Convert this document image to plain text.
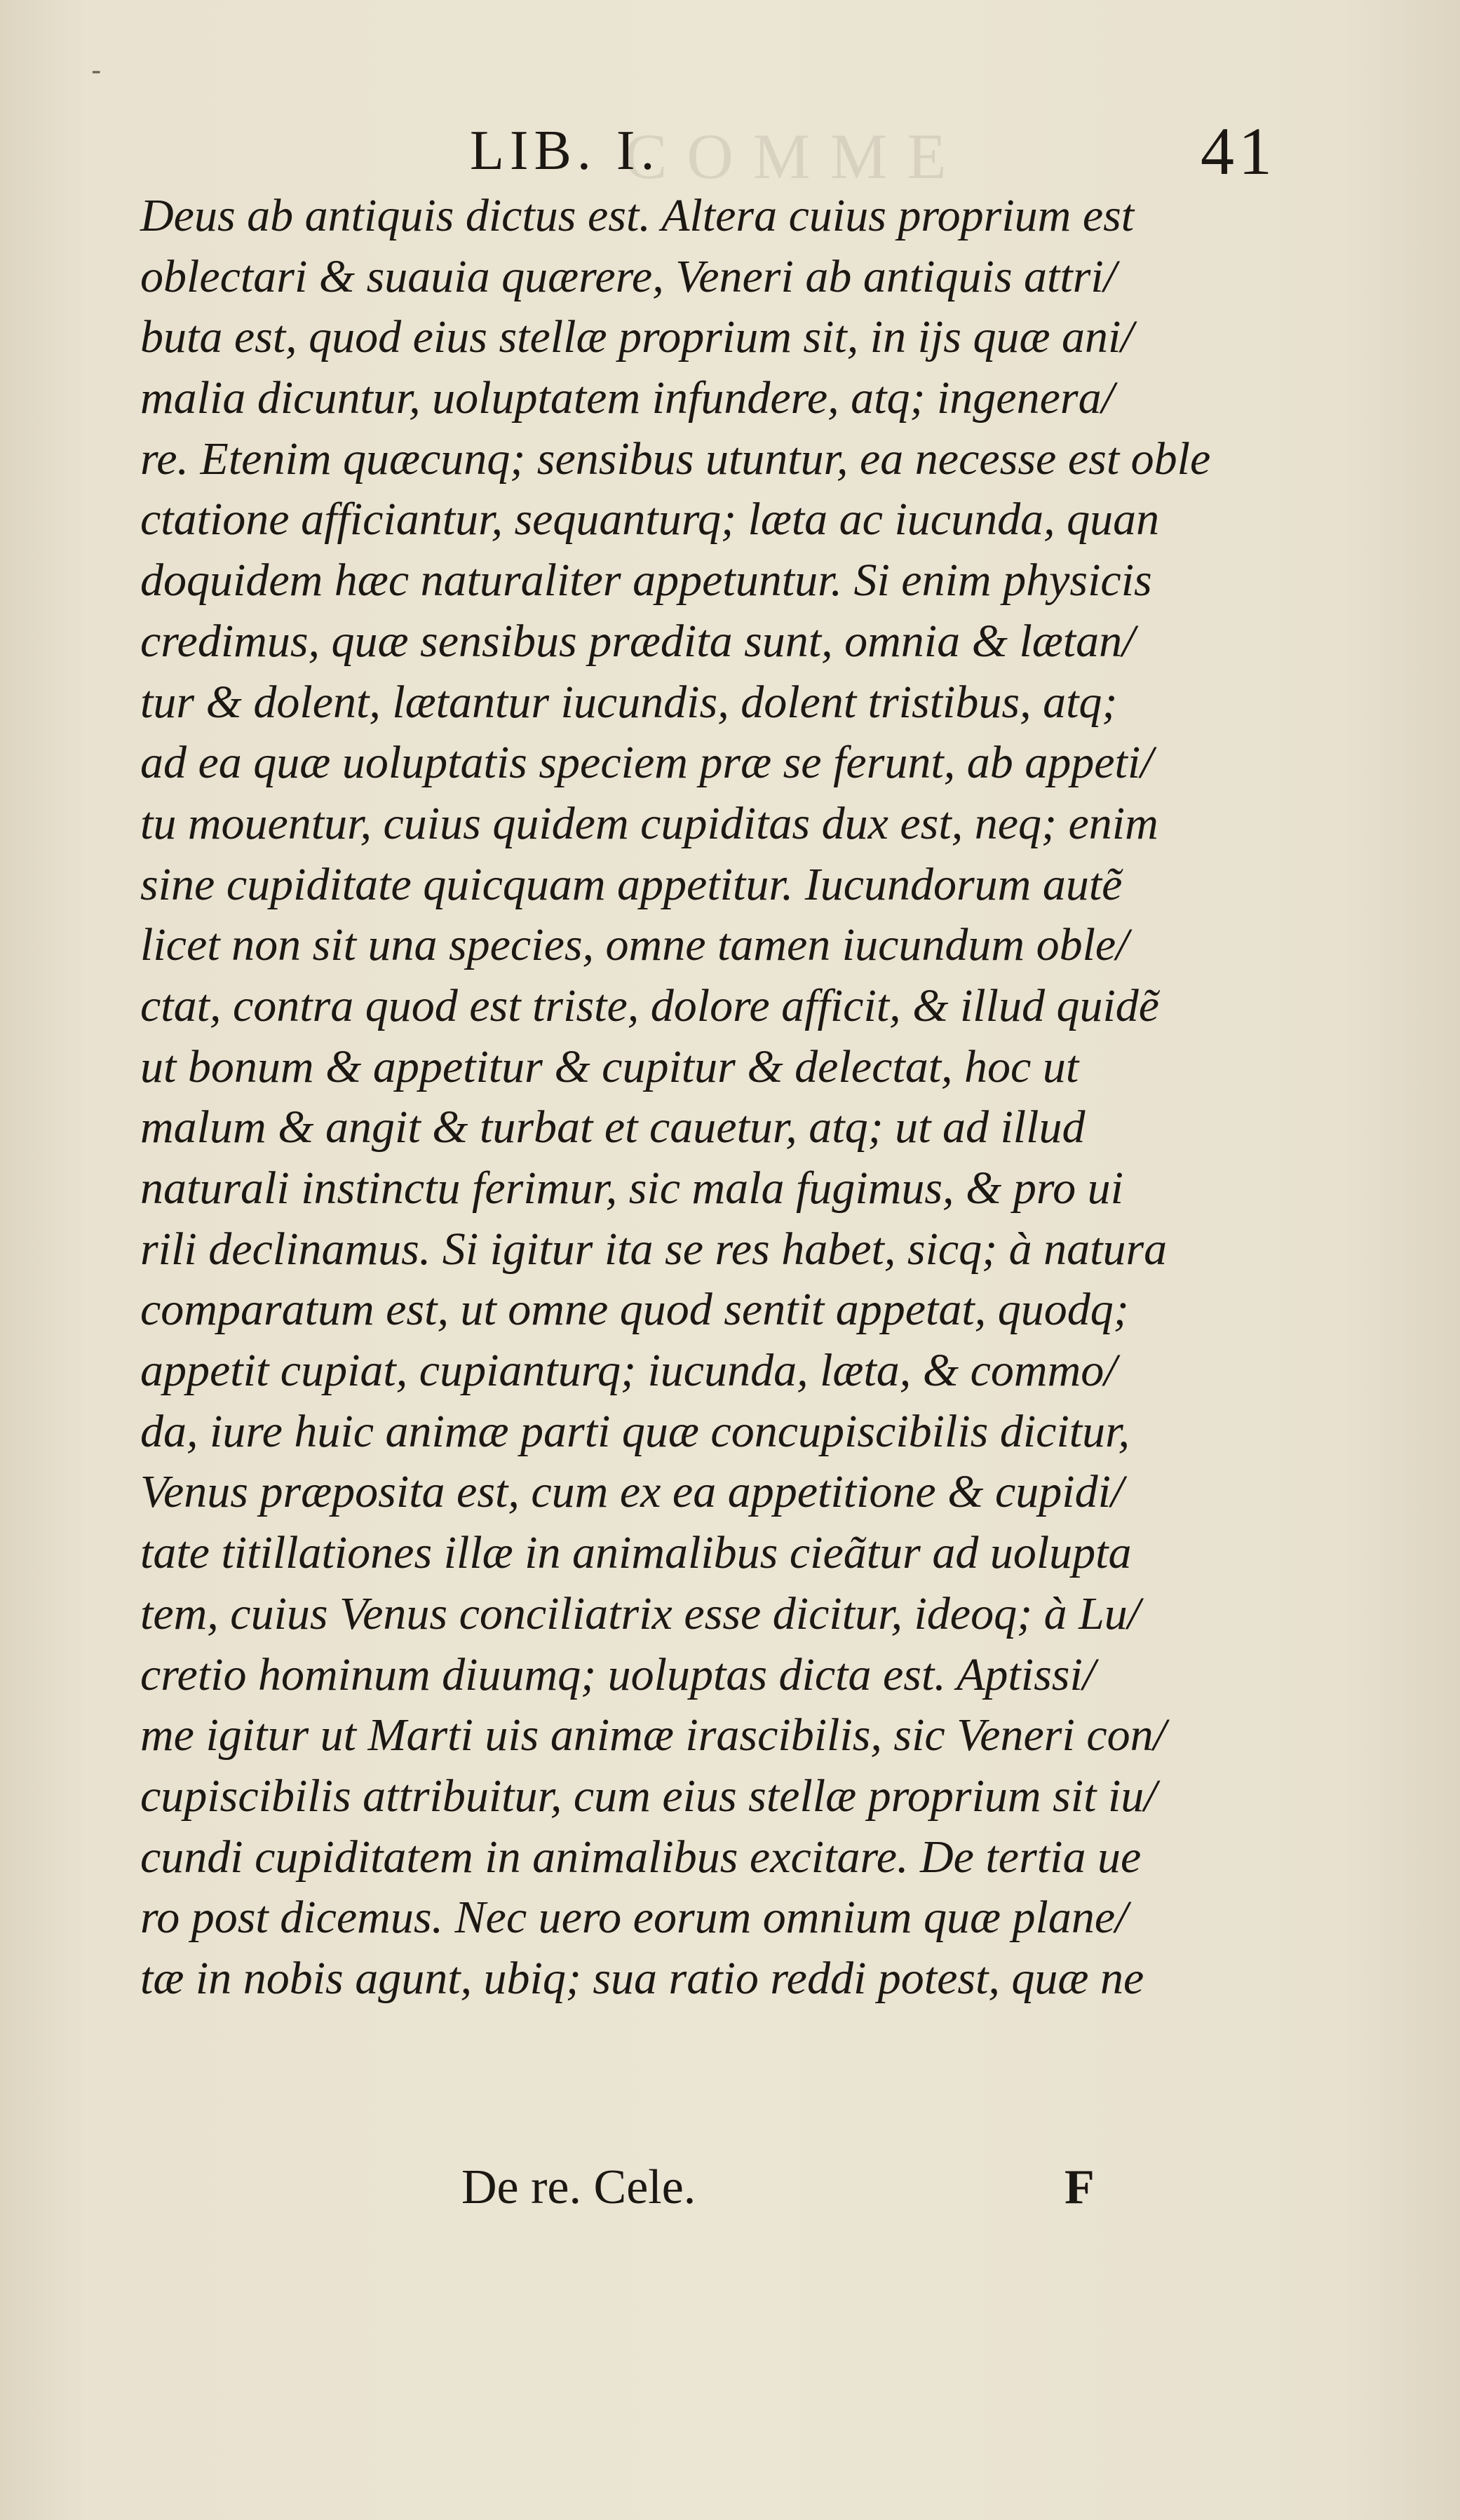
COMME
-
LIB. I.	41
Deus ab antiquis dictus est. Altera cuius proprium est
oblectari & suauia quærere, Veneri ab antiquis attri/
buta est, quod eius stellæ proprium sit, in ijs quæ ani/
malia dicuntur, uoluptatem infundere, atq; ingenera/
re. Etenim quæcunq; sensibus utuntur, ea necesse est oble
ctatione afficiantur, sequanturq; læta ac iucunda, quan
doquidem hæc naturaliter appetuntur. Si enim physicis
credimus, quæ sensibus prædita sunt, omnia & lætan/
tur & dolent, lætantur iucundis, dolent tristibus, atq;
ad ea quæ uoluptatis speciem præ se ferunt, ab appeti/
tu mouentur, cuius quidem cupiditas dux est, neq; enim
sine cupiditate quicquam appetitur. Iucundorum autẽ
licet non sit una species, omne tamen iucundum oble/
ctat, contra quod est triste, dolore afficit, & illud quidẽ
ut bonum & appetitur & cupitur & delectat, hoc ut
malum & angit & turbat et cauetur, atq; ut ad illud
naturali instinctu ferimur, sic mala fugimus, & pro ui
rili declinamus. Si igitur ita se res habet, sicq; à natura
comparatum est, ut omne quod sentit appetat, quodq;
appetit cupiat, cupianturq; iucunda, læta, & commo/
da, iure huic animæ parti quæ concupiscibilis dicitur,
Venus præposita est, cum ex ea appetitione & cupidi/
tate titillationes illæ in animalibus cieãtur ad uolupta
tem, cuius Venus conciliatrix esse dicitur, ideoq; à Lu/
cretio hominum diuumq; uoluptas dicta est. Aptissi/
me igitur ut Marti uis animæ irascibilis, sic Veneri con/
cupiscibilis attribuitur, cum eius stellæ proprium sit iu/
cundi cupiditatem in animalibus excitare. De tertia ue
ro post dicemus. Nec uero eorum omnium quæ plane/
tæ in nobis agunt, ubiq; sua ratio reddi potest, quæ ne
De re. Cele.	F
